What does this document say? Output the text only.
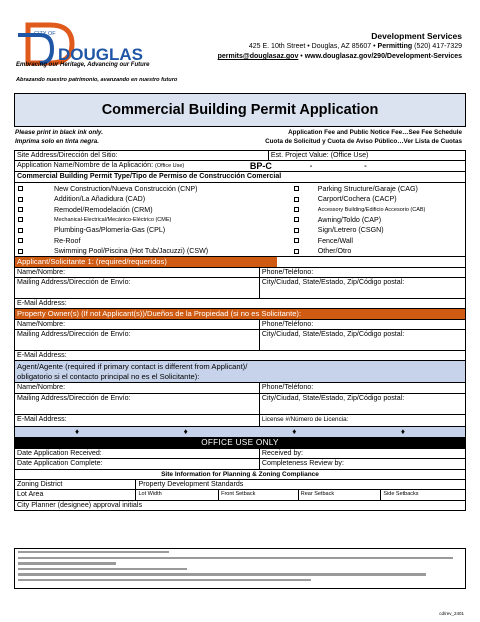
CITY OF
DOUGLAS
Embracing our Heritage, Advancing our Future
Abrazando nuestro patrimonio, avanzando en nuestro futuro
Development Services
425 E. 10th Street • Douglas, AZ 85607 • Permitting (520) 417-7329
permits@douglasaz.gov • www.douglasaz.gov/290/Development-Services
Commercial Building Permit Application
Please print in black ink only.
Imprima solo en tinta negra.
Application Fee and Public Notice Fee…See Fee Schedule
Cuota de Solicitud y Cuota de Aviso Público…Ver Lista de Cuotas
Site Address/Dirección del Sitio:	Est. Project Value: (Office Use)
Application Name/Nombre de la Aplicación: (Office Use)	BP-C	-	-
Commercial Building Permit Type/Tipo de Permiso de Construcción Comercial
New Construction/Nueva Construcción (CNP)
Addition/La Añadidura (CAD)
Remodel/Remodelación (CRM)
Mechanical-Electrical/Mecánico-Eléctrico (CME)
Plumbing-Gas/Plomería-Gas (CPL)
Re-Roof
Swimming Pool/Piscina (Hot Tub/Jacuzzi) (CSW)
Parking Structure/Garaje (CAG)
Carport/Cochera (CACP)
Accessory Building/Edificio Accesorio (CAB)
Awning/Toldo (CAP)
Sign/Letrero (CSGN)
Fence/Wall
Other/Otro
Applicant/Solicitante 1: (required/requeridos)
Name/Nombre:	Phone/Teléfono:
Mailing Address/Dirección de Envío:	City/Ciudad, State/Estado, Zip/Código postal:
E-Mail Address:
Property Owner(s) (If not Applicant(s))/Dueños de la Propiedad (si no es Solicitante):
Name/Nombre:	Phone/Teléfono:
Mailing Address/Dirección de Envío:	City/Ciudad, State/Estado, Zip/Código postal:
E-Mail Address:
Agent/Agente (required if primary contact is different from Applicant)/
obligatorio si el contacto principal no es el Solicitante):
Name/Nombre:	Phone/Teléfono:
Mailing Address/Dirección de Envío:	City/Ciudad, State/Estado, Zip/Código postal:
E-Mail Address:	License #/Número de Licencia:
♦	♦	♦	♦
OFFICE USE ONLY
Date Application Received:	Received by:
Date Application Complete:	Completeness Review by:
Site Information for Planning & Zoning Compliance
Zoning District	Property Development Standards
Lot Area	Lot Width	Front Setback	Rear Setback	Side Setbacks
City Planner (designee) approval initials
cd/rev_2401
